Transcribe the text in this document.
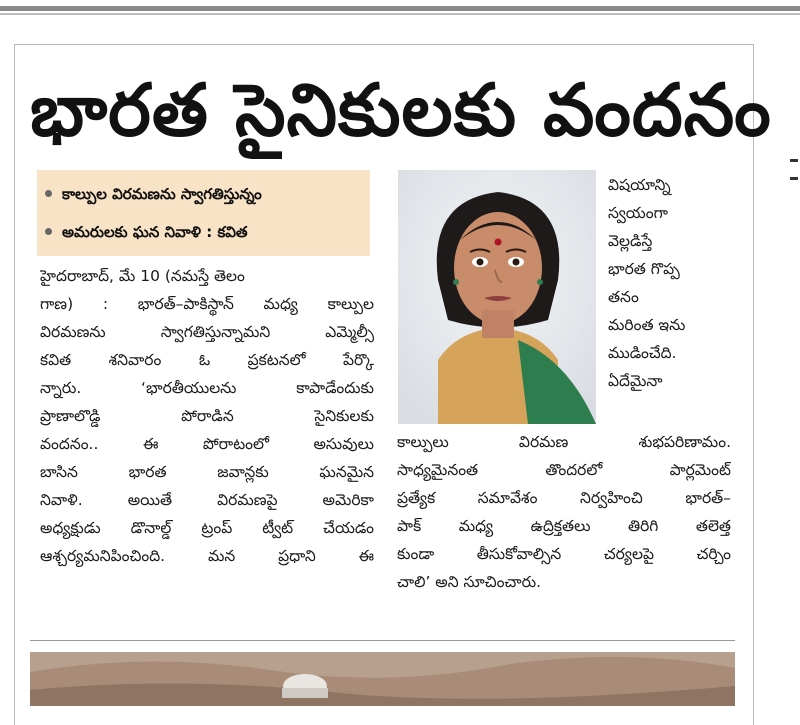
భారత సైనికులకు వందనం
కాల్పుల విరమణను స్వాగతిస్తున్నం
అమరులకు ఘన నివాళి : కవిత
హైదరాబాద్, మే 10 (నమస్తే తెలం
గాణ) : భారత్–పాకిస్థాన్ మధ్య కాల్పుల
విరమణను స్వాగతిస్తున్నామని ఎమ్మెల్సీ
కవిత శనివారం ఓ ప్రకటనలో పేర్కొ
న్నారు. ‘భారతీయులను కాపాడేందుకు
ప్రాణాలొడ్డి పోరాడిన సైనికులకు
వందనం.. ఈ పోరాటంలో అసువులు
బాసిన భారత జవాన్లకు ఘనమైన
నివాళి. అయితే విరమణపై అమెరికా
అధ్యక్షుడు డొనాల్డ్ ట్రంప్ ట్వీట్ చేయడం
ఆశ్చర్యమనిపించింది. మన ప్రధాని ఈ
విషయాన్ని
స్వయంగా
వెల్లడిస్తే
భారత గొప్ప
తనం
మరింత ఇను
ముడించేది.
ఏదేమైనా
కాల్పులు విరమణ శుభపరిణామం.
సాధ్యమైనంత తొందరలో పార్లమెంట్
ప్రత్యేక సమావేశం నిర్వహించి భారత్–
పాక్ మధ్య ఉద్రిక్తతలు తిరిగి తలెత్త
కుండా తీసుకోవాల్సిన చర్యలపై చర్చిం
చాలి’ అని సూచించారు.
